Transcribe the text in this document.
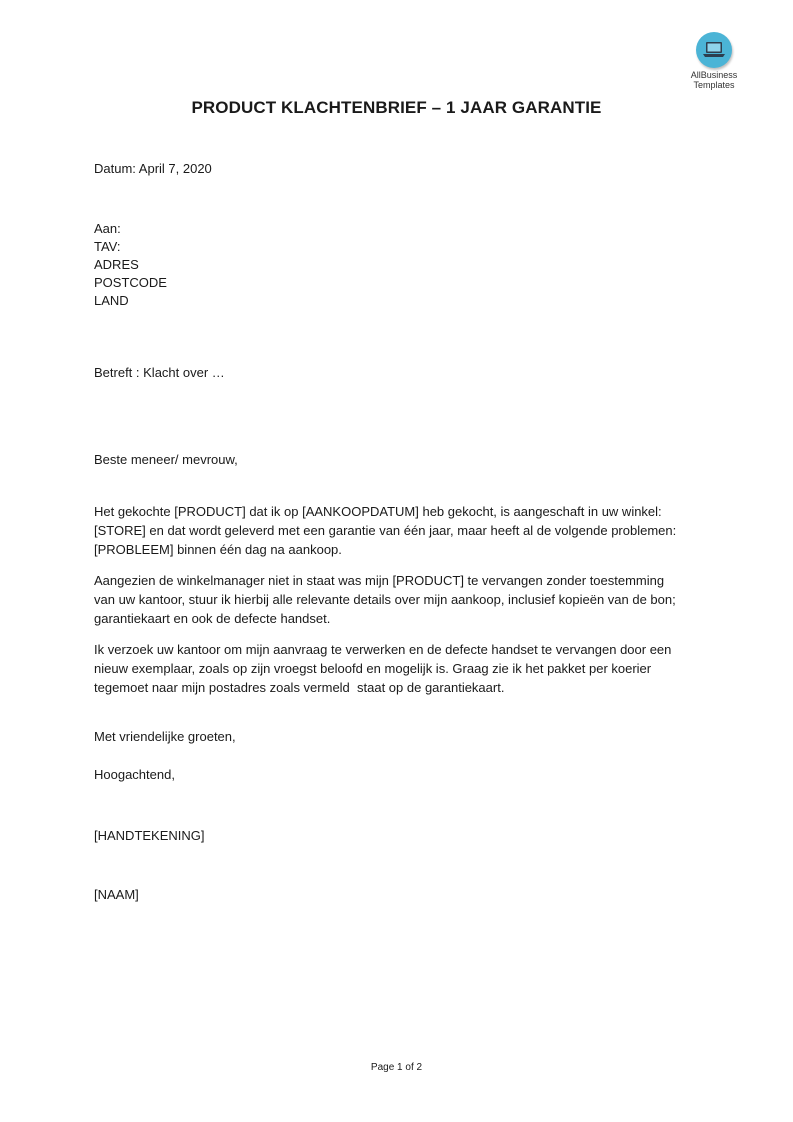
AllBusiness
Templates
PRODUCT KLACHTENBRIEF – 1 JAAR GARANTIE
Datum: April 7, 2020
Aan:
TAV:
ADRES
POSTCODE
LAND
Betreft : Klacht over …
Beste meneer/ mevrouw,
Het gekochte [PRODUCT] dat ik op [AANKOOPDATUM] heb gekocht, is aangeschaft in uw winkel:
[STORE] en dat wordt geleverd met een garantie van één jaar, maar heeft al de volgende problemen:
[PROBLEEM] binnen één dag na aankoop.
Aangezien de winkelmanager niet in staat was mijn [PRODUCT] te vervangen zonder toestemming
van uw kantoor, stuur ik hierbij alle relevante details over mijn aankoop, inclusief kopieën van de bon;
garantiekaart en ook de defecte handset.
Ik verzoek uw kantoor om mijn aanvraag te verwerken en de defecte handset te vervangen door een
nieuw exemplaar, zoals op zijn vroegst beloofd en mogelijk is. Graag zie ik het pakket per koerier
tegemoet naar mijn postadres zoals vermeld  staat op de garantiekaart.
Met vriendelijke groeten,
Hoogachtend,
[HANDTEKENING]
[NAAM]
Page 1 of 2
